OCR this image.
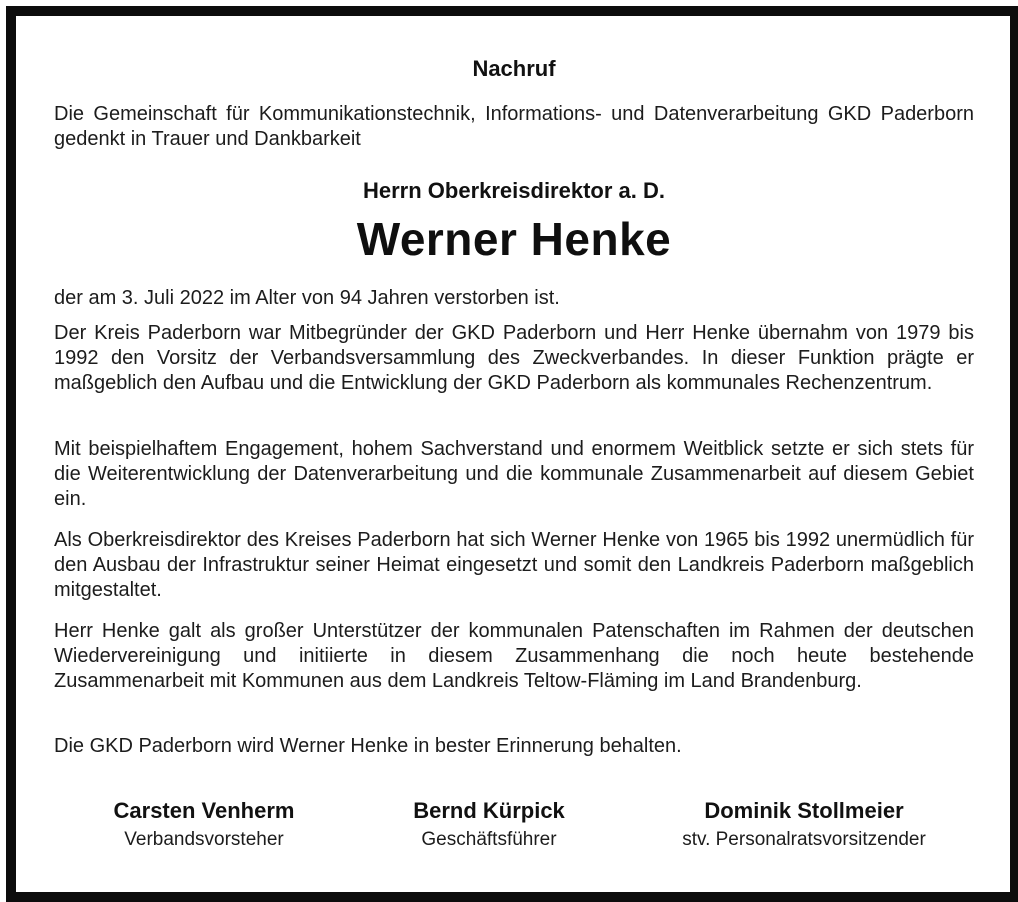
Nachruf
Die Gemeinschaft für Kommunikationstechnik, Informations- und Datenverarbeitung GKD Paderborn gedenkt in Trauer und Dankbarkeit
Herrn Oberkreisdirektor a. D.
Werner Henke
der am 3. Juli 2022 im Alter von 94 Jahren verstorben ist.
Der Kreis Paderborn war Mitbegründer der GKD Paderborn und Herr Henke übernahm von 1979 bis 1992 den Vorsitz der Verbandsversammlung des Zweckverbandes. In dieser Funktion prägte er maßgeblich den Aufbau und die Entwicklung der GKD Paderborn als kommunales Rechenzentrum.
Mit beispielhaftem Engagement, hohem Sachverstand und enormem Weitblick setzte er sich stets für die Weiterentwicklung der Datenverarbeitung und die kommunale Zusammenarbeit auf diesem Gebiet ein.
Als Oberkreisdirektor des Kreises Paderborn hat sich Werner Henke von 1965 bis 1992 unermüdlich für den Ausbau der Infrastruktur seiner Heimat eingesetzt und somit den Landkreis Paderborn maßgeblich mitgestaltet.
Herr Henke galt als großer Unterstützer der kommunalen Patenschaften im Rahmen der deutschen Wiedervereinigung und initiierte in diesem Zusammenhang die noch heute bestehende Zusammenarbeit mit Kommunen aus dem Landkreis Teltow-Fläming im Land Brandenburg.
Die GKD Paderborn wird Werner Henke in bester Erinnerung behalten.
Carsten Venherm
Verbandsvorsteher
Bernd Kürpick
Geschäftsführer
Dominik Stollmeier
stv. Personalratsvorsitzender
